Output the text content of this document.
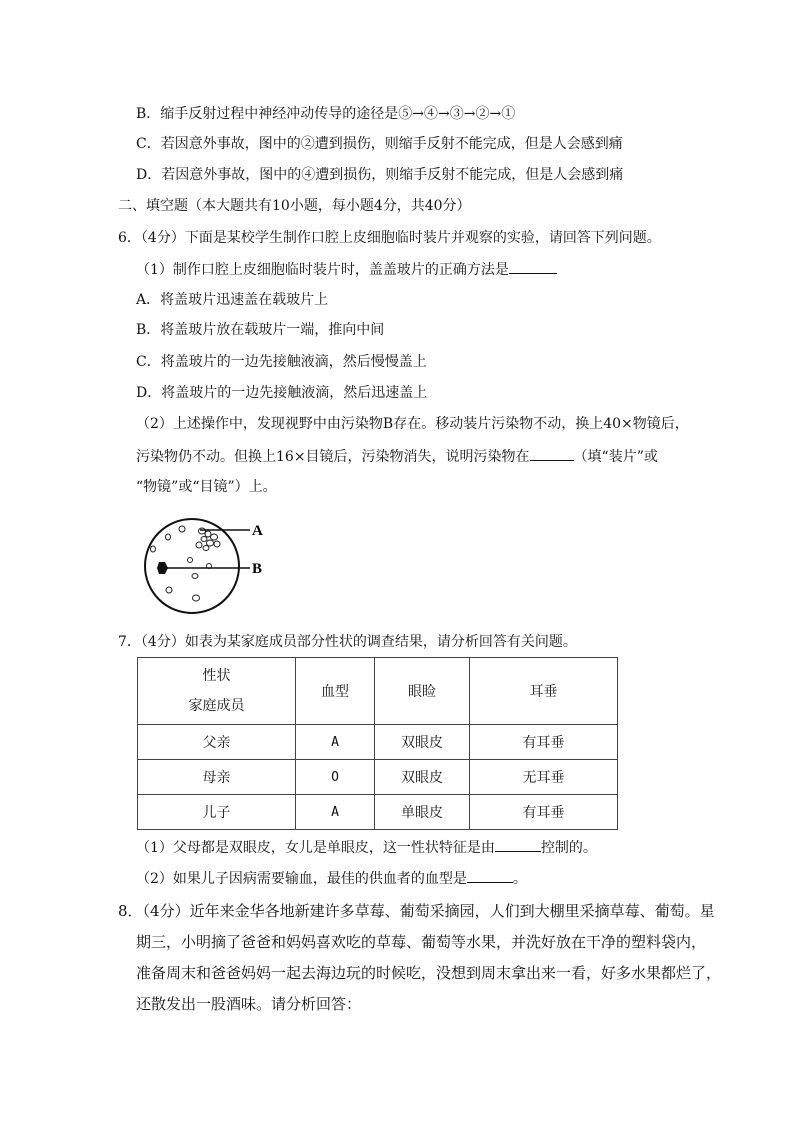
B．缩手反射过程中神经冲动传导的途径是⑤→④→③→②→①
C．若因意外事故，图中的②遭到损伤，则缩手反射不能完成，但是人会感到痛
D．若因意外事故，图中的④遭到损伤，则缩手反射不能完成，但是人会感到痛
二、填空题（本大题共有10小题，每小题4分，共40分）
6．（4分）下面是某校学生制作口腔上皮细胞临时装片并观察的实验，请回答下列问题。
（1）制作口腔上皮细胞临时装片时，盖盖玻片的正确方法是
A．将盖玻片迅速盖在载玻片上
B．将盖玻片放在载玻片一端，推向中间
C．将盖玻片的一边先接触液滴，然后慢慢盖上
D．将盖玻片的一边先接触液滴，然后迅速盖上
（2）上述操作中，发现视野中由污染物B存在。移动装片污染物不动，换上40×物镜后，
污染物仍不动。但换上16×目镜后，污染物消失，说明污染物在	（填“装片”或
“物镜”或“目镜”）上。
A
B
7．（4分）如表为某家庭成员部分性状的调查结果，请分析回答有关问题。
性状
家庭成员	血型	眼睑	耳垂
父亲	A	双眼皮	有耳垂
母亲	O	双眼皮	无耳垂
儿子	A	单眼皮	有耳垂
（1）父母都是双眼皮，女儿是单眼皮，这一性状特征是由	控制的。
（2）如果儿子因病需要输血，最佳的供血者的血型是	。
8．（4分）近年来金华各地新建许多草莓、葡萄采摘园，人们到大棚里采摘草莓、葡萄。星
期三，小明摘了爸爸和妈妈喜欢吃的草莓、葡萄等水果，并洗好放在干净的塑料袋内，
准备周末和爸爸妈妈一起去海边玩的时候吃，没想到周末拿出来一看，好多水果都烂了，
还散发出一股酒味。请分析回答：
